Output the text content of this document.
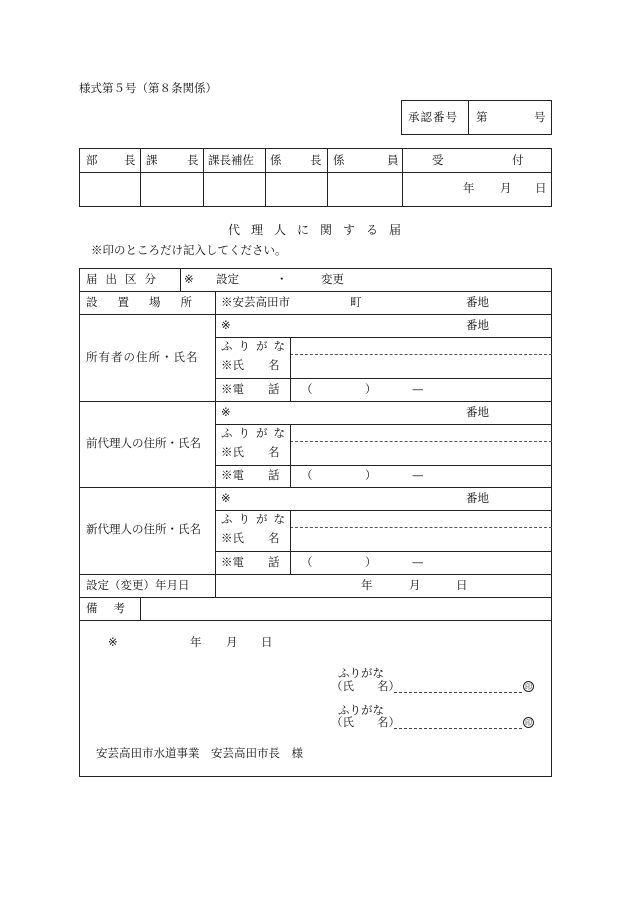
様式第５号（第８条関係）
承認番号 第	号
部 長 課	長 課長補佐 係 長 係	員	受	付
年 月 日
代理人に関する届
※印のところだけ記入してください。
届出区分 ※ 設定	・	変更
設置場所 ※安芸高田市	町	番地
所有者の住所・氏名
※	番地
ふりがな
※氏 名
※電 話 （	）	—
前代理人の住所・氏名
※	番地
ふりがな
※氏 名
※電 話 （	）	—
新代理人の住所・氏名
※	番地
ふりがな
※氏 名
※電 話 （	）	—
設定（変更）年月日	年	月	日
備考
※	年 月 日
ふりがな
（氏　　名）	印
ふりがな
（氏　　名）	印
安芸高田市水道事業　安芸高田市長　様
